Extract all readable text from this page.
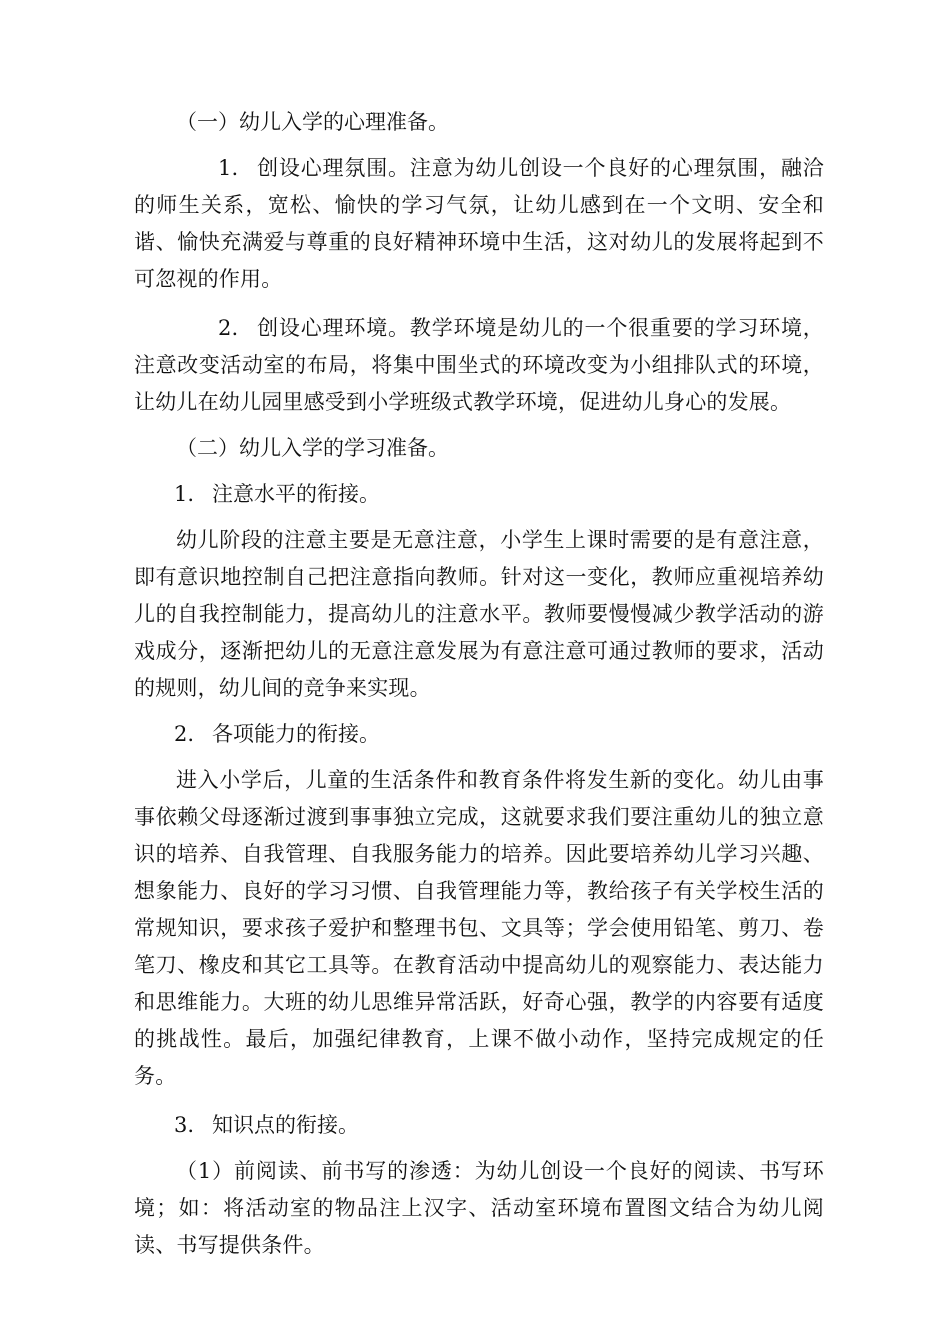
（一）幼儿入学的心理准备。

1. 创设心理氛围。注意为幼儿创设一个良好的心理氛围，融洽的师生关系，宽松、愉快的学习气氛，让幼儿感到在一个文明、安全和谐、愉快充满爱与尊重的良好精神环境中生活，这对幼儿的发展将起到不可忽视的作用。

2. 创设心理环境。教学环境是幼儿的一个很重要的学习环境，注意改变活动室的布局，将集中围坐式的环境改变为小组排队式的环境，让幼儿在幼儿园里感受到小学班级式教学环境，促进幼儿身心的发展。

（二）幼儿入学的学习准备。

1. 注意水平的衔接。

幼儿阶段的注意主要是无意注意，小学生上课时需要的是有意注意，即有意识地控制自己把注意指向教师。针对这一变化，教师应重视培养幼儿的自我控制能力，提高幼儿的注意水平。教师要慢慢减少教学活动的游戏成分，逐渐把幼儿的无意注意发展为有意注意可通过教师的要求，活动的规则，幼儿间的竞争来实现。

2. 各项能力的衔接。

进入小学后，儿童的生活条件和教育条件将发生新的变化。幼儿由事事依赖父母逐渐过渡到事事独立完成，这就要求我们要注重幼儿的独立意识的培养、自我管理、自我服务能力的培养。因此要培养幼儿学习兴趣、想象能力、良好的学习习惯、自我管理能力等，教给孩子有关学校生活的常规知识，要求孩子爱护和整理书包、文具等；学会使用铅笔、剪刀、卷笔刀、橡皮和其它工具等。在教育活动中提高幼儿的观察能力、表达能力和思维能力。大班的幼儿思维异常活跃，好奇心强，教学的内容要有适度的挑战性。最后，加强纪律教育，上课不做小动作，坚持完成规定的任务。

3. 知识点的衔接。

（1）前阅读、前书写的渗透：为幼儿创设一个良好的阅读、书写环境；如：将活动室的物品注上汉字、活动室环境布置图文结合为幼儿阅读、书写提供条件。
